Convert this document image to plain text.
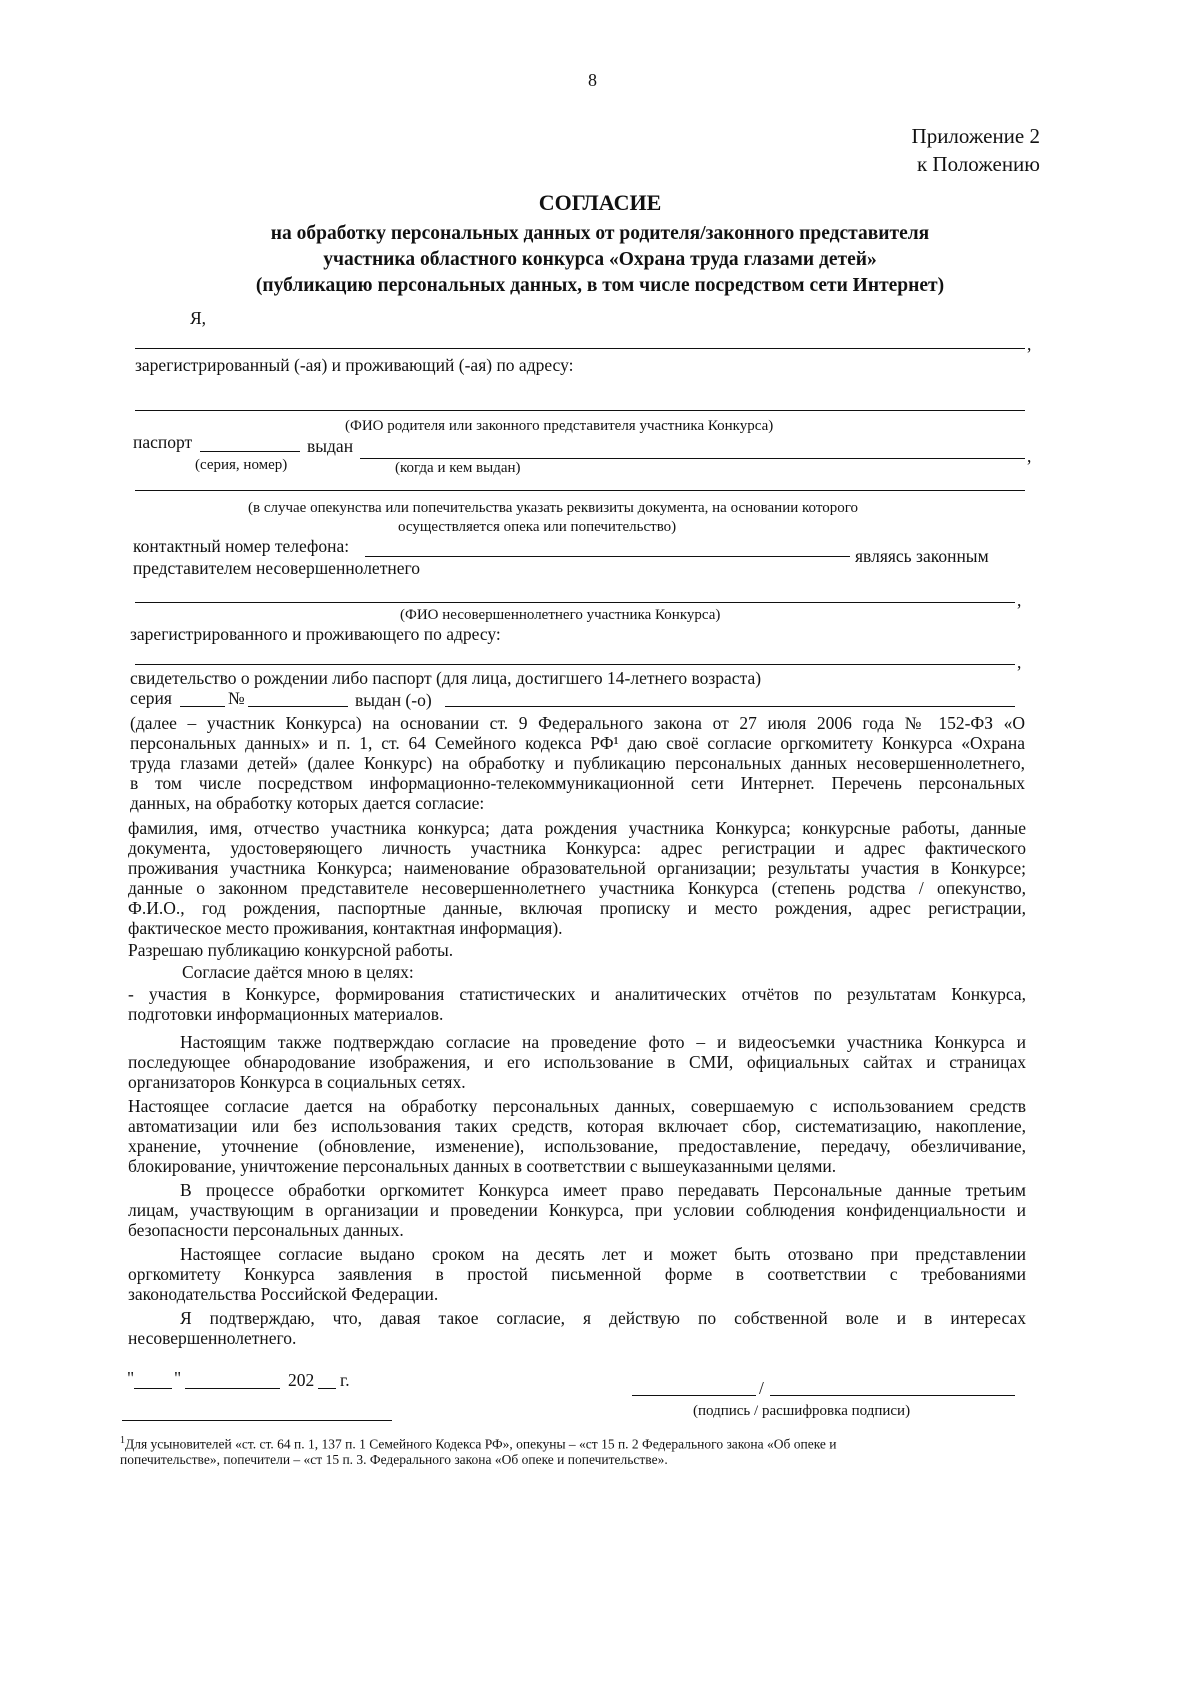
8
Приложение 2
к Положению
СОГЛАСИЕ
на обработку персональных данных от родителя/законного представителя
участника областного конкурса «Охрана труда глазами детей»
(публикацию персональных данных, в том числе посредством сети Интернет)
Я,
,
зарегистрированный (-ая) и проживающий (-ая) по адресу:
(ФИО родителя или законного представителя участника Конкурса)
паспорт	выдан	,
(серия, номер)	(когда и кем выдан)
(в случае опекунства или попечительства указать реквизиты документа, на основании которого
осуществляется опека или попечительство)
контактный номер телефона:	являясь законным
представителем несовершеннолетнего
,
(ФИО несовершеннолетнего участника Конкурса)
зарегистрированного и проживающего по адресу:
,
свидетельство о рождении либо паспорт (для лица, достигшего 14-летнего возраста)
серия	№	выдан (-о)
(далее – участник Конкурса) на основании ст. 9 Федерального закона от 27 июля 2006 года № 152-ФЗ «О
персональных данных» и п. 1, ст. 64 Семейного кодекса РФ¹ даю своё согласие оргкомитету Конкурса «Охрана
труда глазами детей» (далее Конкурс) на обработку и публикацию персональных данных несовершеннолетнего,
в том числе посредством информационно-телекоммуникационной сети Интернет. Перечень персональных
данных, на обработку которых дается согласие:
фамилия, имя, отчество участника конкурса; дата рождения участника Конкурса; конкурсные работы, данные
документа, удостоверяющего личность участника Конкурса: адрес регистрации и адрес фактического
проживания участника Конкурса; наименование образовательной организации; результаты участия в Конкурсе;
данные о законном представителе несовершеннолетнего участника Конкурса (степень родства / опекунство,
Ф.И.О., год рождения, паспортные данные, включая прописку и место рождения, адрес регистрации,
фактическое место проживания, контактная информация).
Разрешаю публикацию конкурсной работы.
Согласие даётся мною в целях:
- участия в Конкурсе, формирования статистических и аналитических отчётов по результатам Конкурса,
подготовки информационных материалов.
Настоящим также подтверждаю согласие на проведение фото – и видеосъемки участника Конкурса и
последующее обнародование изображения, и его использование в СМИ, официальных сайтах и страницах
организаторов Конкурса в социальных сетях.
Настоящее согласие дается на обработку персональных данных, совершаемую с использованием средств
автоматизации или без использования таких средств, которая включает сбор, систематизацию, накопление,
хранение, уточнение (обновление, изменение), использование, предоставление, передачу, обезличивание,
блокирование, уничтожение персональных данных в соответствии с вышеуказанными целями.
В процессе обработки оргкомитет Конкурса имеет право передавать Персональные данные третьим
лицам, участвующим в организации и проведении Конкурса, при условии соблюдения конфиденциальности и
безопасности персональных данных.
Настоящее согласие выдано сроком на десять лет и может быть отозвано при представлении
оргкомитету Конкурса заявления в простой письменной форме в соответствии с требованиями
законодательства Российской Федерации.
Я подтверждаю, что, давая такое согласие, я действую по собственной воле и в интересах
несовершеннолетнего.
" "	202 г.	/
(подпись / расшифровка подписи)
$^1$Для усыновителей «ст. ст. 64 п. 1, 137 п. 1 Семейного Кодекса РФ», опекуны – «ст 15 п. 2 Федерального закона «Об опеке и
попечительстве», попечители – «ст 15 п. 3. Федерального закона «Об опеке и попечительстве».
